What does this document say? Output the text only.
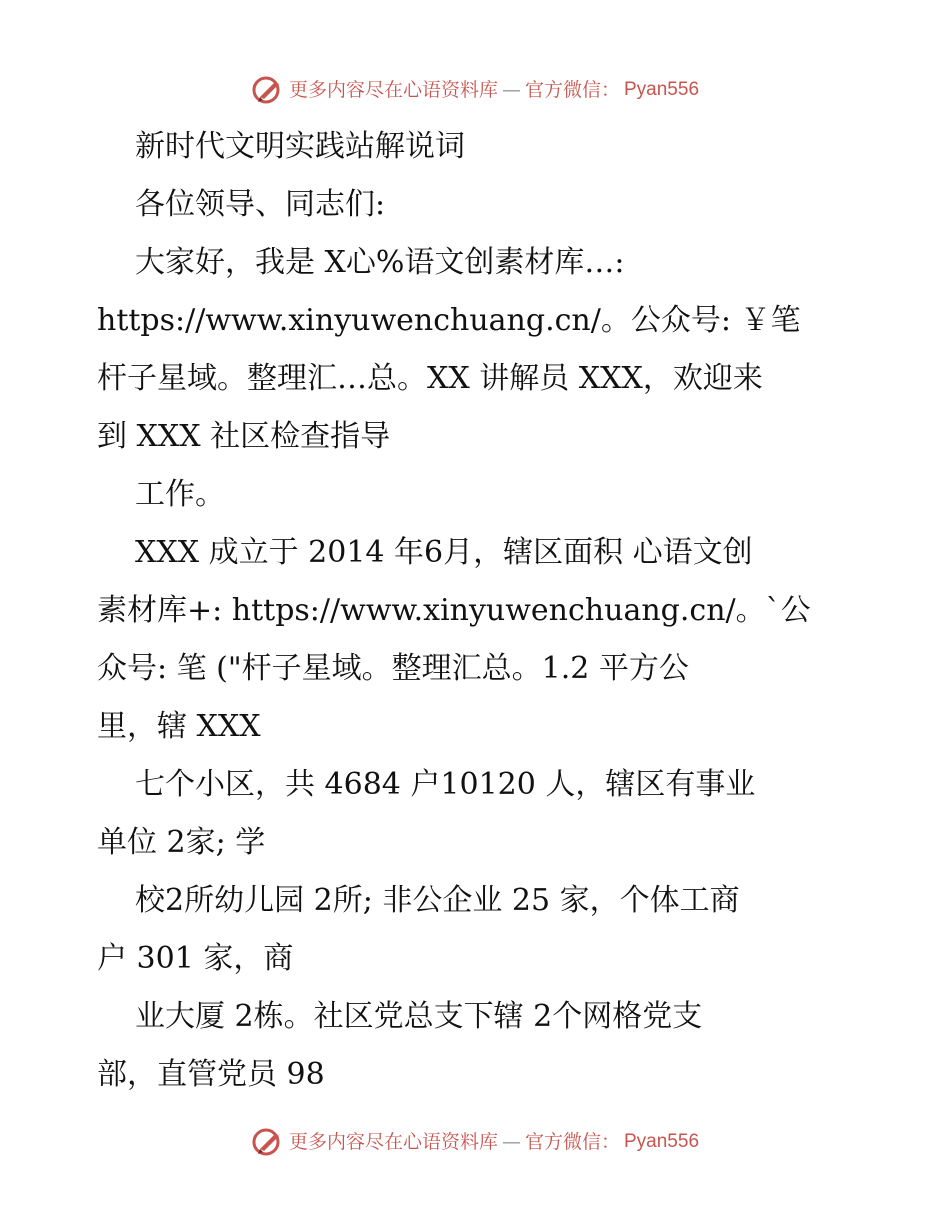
更多内容尽在心语资料库 — 官方微信： Pyan556
新时代文明实践站解说词
各位领导、同志们:
大家好，我是 X心%语文创素材库…:
https://www.xinyuwenchuang.cn/。公众号: ￥笔
杆子星域。整理汇…总。XX 讲解员 XXX，欢迎来
到 XXX 社区检查指导
工作。
XXX 成立于 2014 年6月，辖区面积 心语文创
素材库+: https://www.xinyuwenchuang.cn/。`公
众号: 笔 ("杆子星域。整理汇总。1.2 平方公
里，辖 XXX
七个小区，共 4684 户10120 人，辖区有事业
单位 2家; 学
校2所幼儿园 2所; 非公企业 25 家，个体工商
户 301 家，商
业大厦 2栋。社区党总支下辖 2个网格党支
部，直管党员 98
更多内容尽在心语资料库 — 官方微信： Pyan556
